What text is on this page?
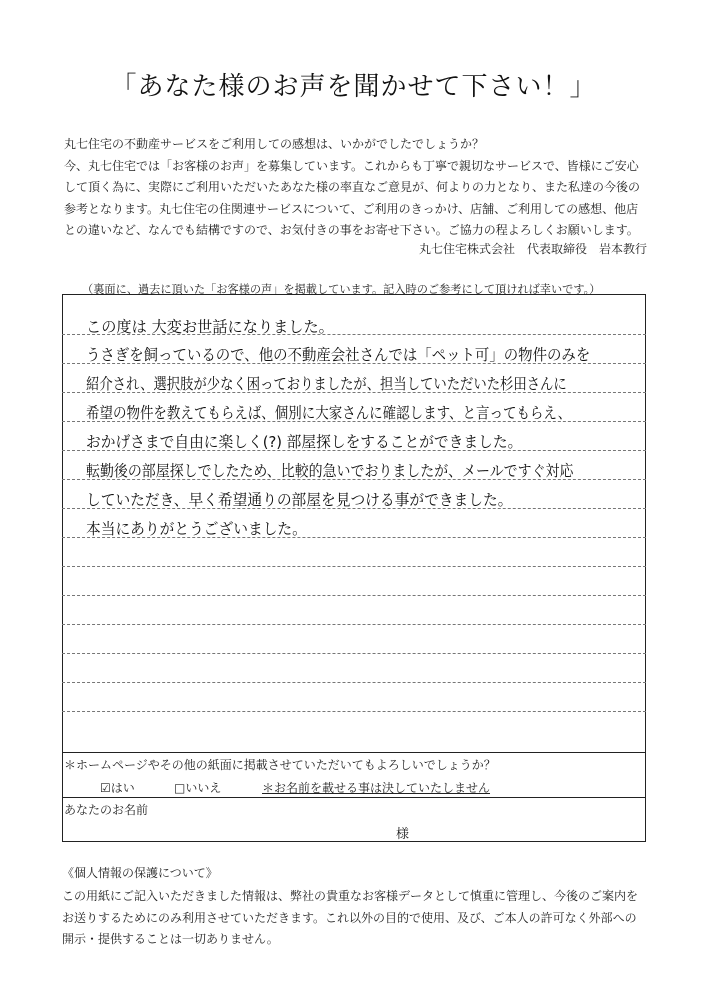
「あなた様のお声を聞かせて下さい！」

丸七住宅の不動産サービスをご利用しての感想は、いかがでしたでしょうか？

今、丸七住宅では「お客様のお声」を募集しています。これからも丁寧で親切なサービスで、皆様にご安心

して頂く為に、実際にご利用いただいたあなた様の率直なご意見が、何よりの力となり、また私達の今後の

参考となります。丸七住宅の住関連サービスについて、ご利用のきっかけ、店舗、ご利用しての感想、他店

との違いなど、なんでも結構ですので、お気付きの事をお寄せ下さい。ご協力の程よろしくお願いします。

丸七住宅株式会社　代表取締役　岩本教行
（裏面に、過去に頂いた「お客様の声」を掲載しています。記入時のご参考にして頂ければ幸いです。）
この度は 大変お世話になりました。
うさぎを飼っているので、他の不動産会社さんでは「ペット可」の物件のみを
紹介され、選択肢が少なく困っておりましたが、担当していただいた杉田さんに
希望の物件を教えてもらえば、個別に大家さんに確認します、と言ってもらえ、
おかげさまで自由に楽しく(?) 部屋探しをすることができました。
転勤後の部屋探しでしたため、比較的急いでおりましたが、メールですぐ対応
していただき、早く希望通りの部屋を見つける事ができました。
本当にありがとうございました。
＊ホームページやその他の紙面に掲載させていただいてもよろしいでしょうか？
☑はい	□いいえ	＊お名前を載せる事は決していたしません
あなたのお名前
様
《個人情報の保護について》

この用紙にご記入いただきました情報は、弊社の貴重なお客様データとして慎重に管理し、今後のご案内を

お送りするためにのみ利用させていただきます。これ以外の目的で使用、及び、ご本人の許可なく外部への

開示・提供することは一切ありません。
